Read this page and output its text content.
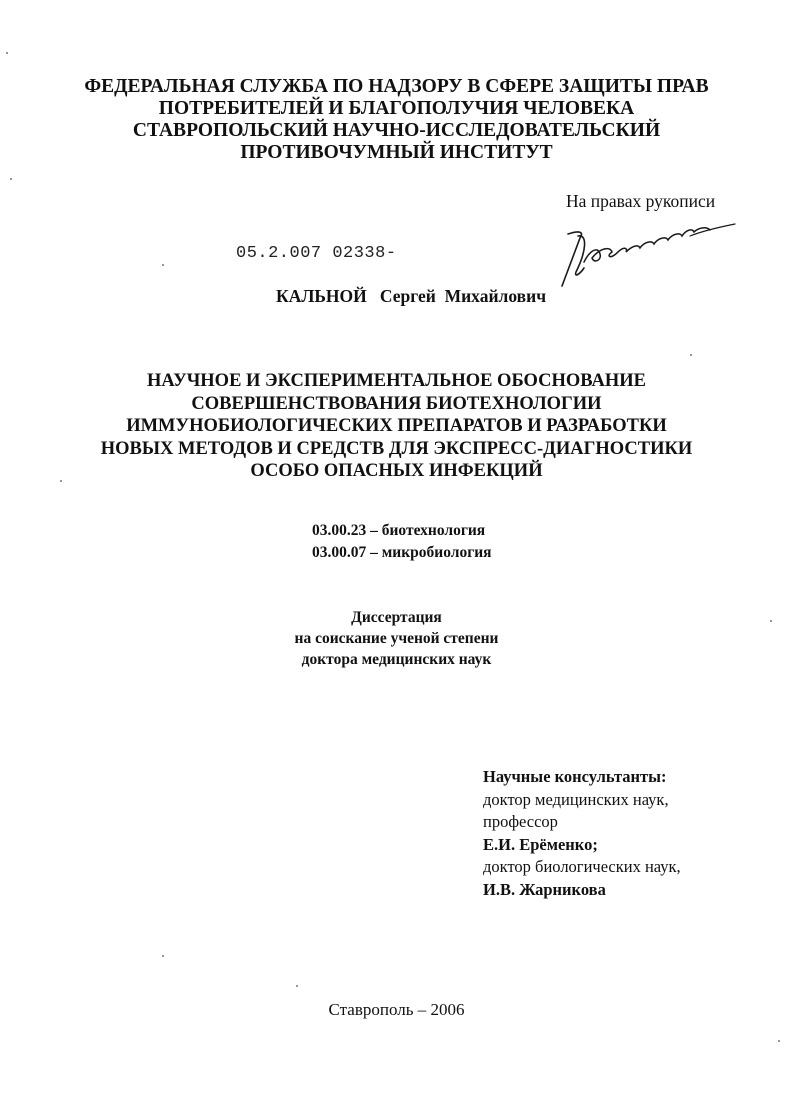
ФЕДЕРАЛЬНАЯ СЛУЖБА ПО НАДЗОРУ В СФЕРЕ ЗАЩИТЫ ПРАВ
ПОТРЕБИТЕЛЕЙ И БЛАГОПОЛУЧИЯ ЧЕЛОВЕКА
СТАВРОПОЛЬСКИЙ НАУЧНО-ИССЛЕДОВАТЕЛЬСКИЙ
ПРОТИВОЧУМНЫЙ ИНСТИТУТ
На правах рукописи
05.2.007 02338-
КАЛЬНОЙ Сергей  Михайлович
НАУЧНОЕ И ЭКСПЕРИМЕНТАЛЬНОЕ ОБОСНОВАНИЕ
СОВЕРШЕНСТВОВАНИЯ БИОТЕХНОЛОГИИ
ИММУНОБИОЛОГИЧЕСКИХ ПРЕПАРАТОВ И РАЗРАБОТКИ
НОВЫХ МЕТОДОВ И СРЕДСТВ ДЛЯ ЭКСПРЕСС-ДИАГНОСТИКИ
ОСОБО ОПАСНЫХ ИНФЕКЦИЙ
03.00.23 – биотехнология
03.00.07 – микробиология
Диссертация
на соискание ученой степени
доктора медицинских наук
Научные консультанты:
доктор медицинских наук,
профессор
Е.И. Ерёменко;
доктор биологических наук,
И.В. Жарникова
Ставрополь – 2006
